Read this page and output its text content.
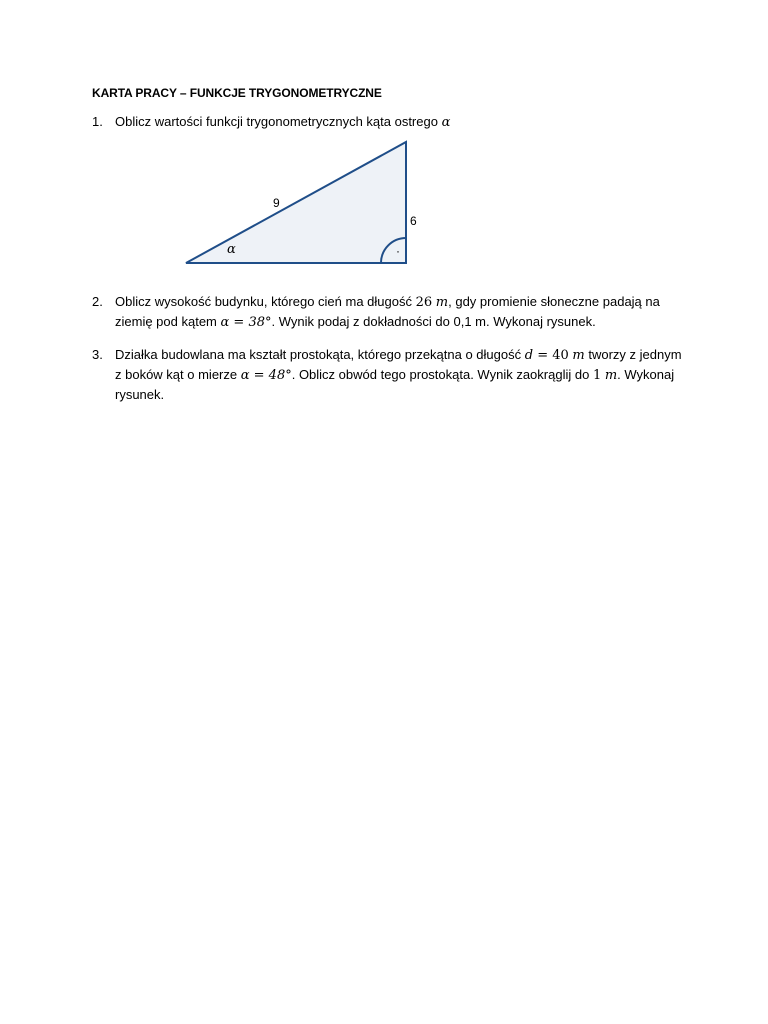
KARTA PRACY – FUNKCJE TRYGONOMETRYCZNE
1. Oblicz wartości funkcji trygonometrycznych kąta ostrego α
·
9
6
α
2. Oblicz wysokość budynku, którego cień ma długość 26 m, gdy promienie słoneczne padają na ziemię pod kątem α = 38°. Wynik podaj z dokładności do 0,1 m. Wykonaj rysunek.
3. Działka budowlana ma kształt prostokąta, którego przekątna o długość d = 40 m tworzy z jednym z boków kąt o mierze α = 48°. Oblicz obwód tego prostokąta. Wynik zaokrąglij do 1 m. Wykonaj rysunek.
